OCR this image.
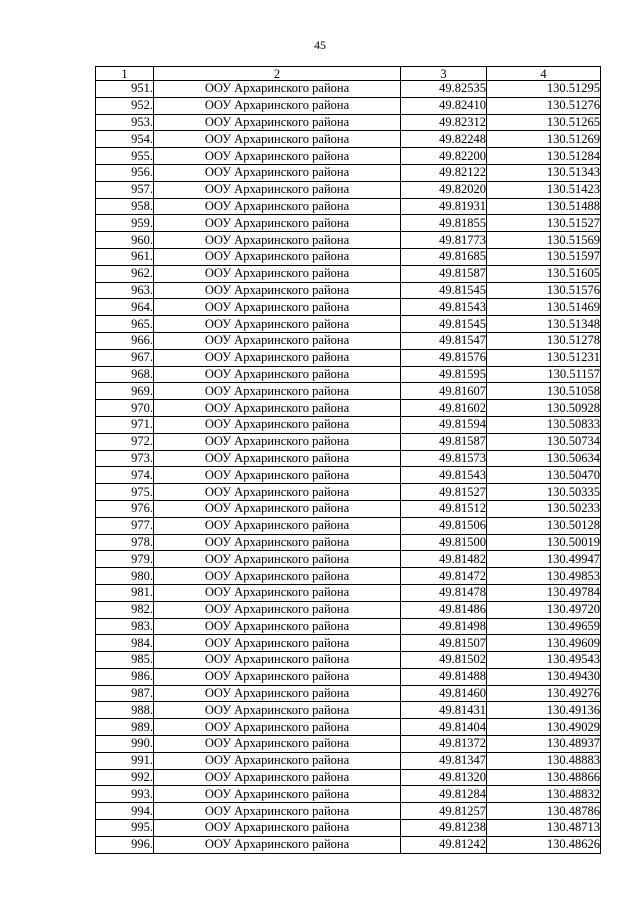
45
1	2	3	4
951.	ООУ Архаринского района	49.82535	130.51295
952.	ООУ Архаринского района	49.82410	130.51276
953.	ООУ Архаринского района	49.82312	130.51265
954.	ООУ Архаринского района	49.82248	130.51269
955.	ООУ Архаринского района	49.82200	130.51284
956.	ООУ Архаринского района	49.82122	130.51343
957.	ООУ Архаринского района	49.82020	130.51423
958.	ООУ Архаринского района	49.81931	130.51488
959.	ООУ Архаринского района	49.81855	130.51527
960.	ООУ Архаринского района	49.81773	130.51569
961.	ООУ Архаринского района	49.81685	130.51597
962.	ООУ Архаринского района	49.81587	130.51605
963.	ООУ Архаринского района	49.81545	130.51576
964.	ООУ Архаринского района	49.81543	130.51469
965.	ООУ Архаринского района	49.81545	130.51348
966.	ООУ Архаринского района	49.81547	130.51278
967.	ООУ Архаринского района	49.81576	130.51231
968.	ООУ Архаринского района	49.81595	130.51157
969.	ООУ Архаринского района	49.81607	130.51058
970.	ООУ Архаринского района	49.81602	130.50928
971.	ООУ Архаринского района	49.81594	130.50833
972.	ООУ Архаринского района	49.81587	130.50734
973.	ООУ Архаринского района	49.81573	130.50634
974.	ООУ Архаринского района	49.81543	130.50470
975.	ООУ Архаринского района	49.81527	130.50335
976.	ООУ Архаринского района	49.81512	130.50233
977.	ООУ Архаринского района	49.81506	130.50128
978.	ООУ Архаринского района	49.81500	130.50019
979.	ООУ Архаринского района	49.81482	130.49947
980.	ООУ Архаринского района	49.81472	130.49853
981.	ООУ Архаринского района	49.81478	130.49784
982.	ООУ Архаринского района	49.81486	130.49720
983.	ООУ Архаринского района	49.81498	130.49659
984.	ООУ Архаринского района	49.81507	130.49609
985.	ООУ Архаринского района	49.81502	130.49543
986.	ООУ Архаринского района	49.81488	130.49430
987.	ООУ Архаринского района	49.81460	130.49276
988.	ООУ Архаринского района	49.81431	130.49136
989.	ООУ Архаринского района	49.81404	130.49029
990.	ООУ Архаринского района	49.81372	130.48937
991.	ООУ Архаринского района	49.81347	130.48883
992.	ООУ Архаринского района	49.81320	130.48866
993.	ООУ Архаринского района	49.81284	130.48832
994.	ООУ Архаринского района	49.81257	130.48786
995.	ООУ Архаринского района	49.81238	130.48713
996.	ООУ Архаринского района	49.81242	130.48626
